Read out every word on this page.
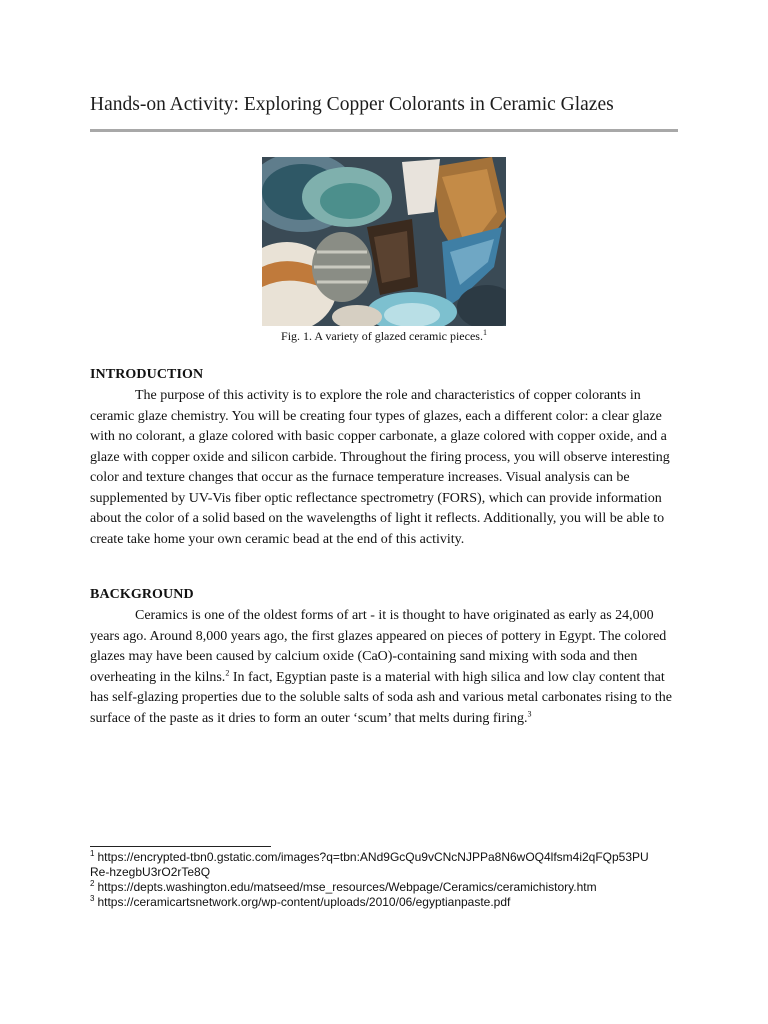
Hands-on Activity: Exploring Copper Colorants in Ceramic Glazes
Fig. 1. A variety of glazed ceramic pieces.$^1$
INTRODUCTION
The purpose of this activity is to explore the role and characteristics of copper colorants in ceramic glaze chemistry. You will be creating four types of glazes, each a different color: a clear glaze with no colorant, a glaze colored with basic copper carbonate, a glaze colored with copper oxide, and a glaze with copper oxide and silicon carbide. Throughout the firing process, you will observe interesting color and texture changes that occur as the furnace temperature increases. Visual analysis can be supplemented by UV-Vis fiber optic reflectance spectrometry (FORS), which can provide information about the color of a solid based on the wavelengths of light it reflects. Additionally, you will be able to create take home your own ceramic bead at the end of this activity.
BACKGROUND
Ceramics is one of the oldest forms of art - it is thought to have originated as early as 24,000 years ago. Around 8,000 years ago, the first glazes appeared on pieces of pottery in Egypt. The colored glazes may have been caused by calcium oxide (CaO)-containing sand mixing with soda and then overheating in the kilns.$^2$ In fact, Egyptian paste is a material with high silica and low clay content that has self-glazing properties due to the soluble salts of soda ash and various metal carbonates rising to the surface of the paste as it dries to form an outer ‘scum’ that melts during firing.$^3$
$^1$ https://encrypted-tbn0.gstatic.com/images?q=tbn:ANd9GcQu9vCNcNJPPa8N6wOQ4lfsm4i2qFQp53PURe-hzegbU3rO2rTe8Q
$^2$ https://depts.washington.edu/matseed/mse_resources/Webpage/Ceramics/ceramichistory.htm
$^3$ https://ceramicartsnetwork.org/wp-content/uploads/2010/06/egyptianpaste.pdf
